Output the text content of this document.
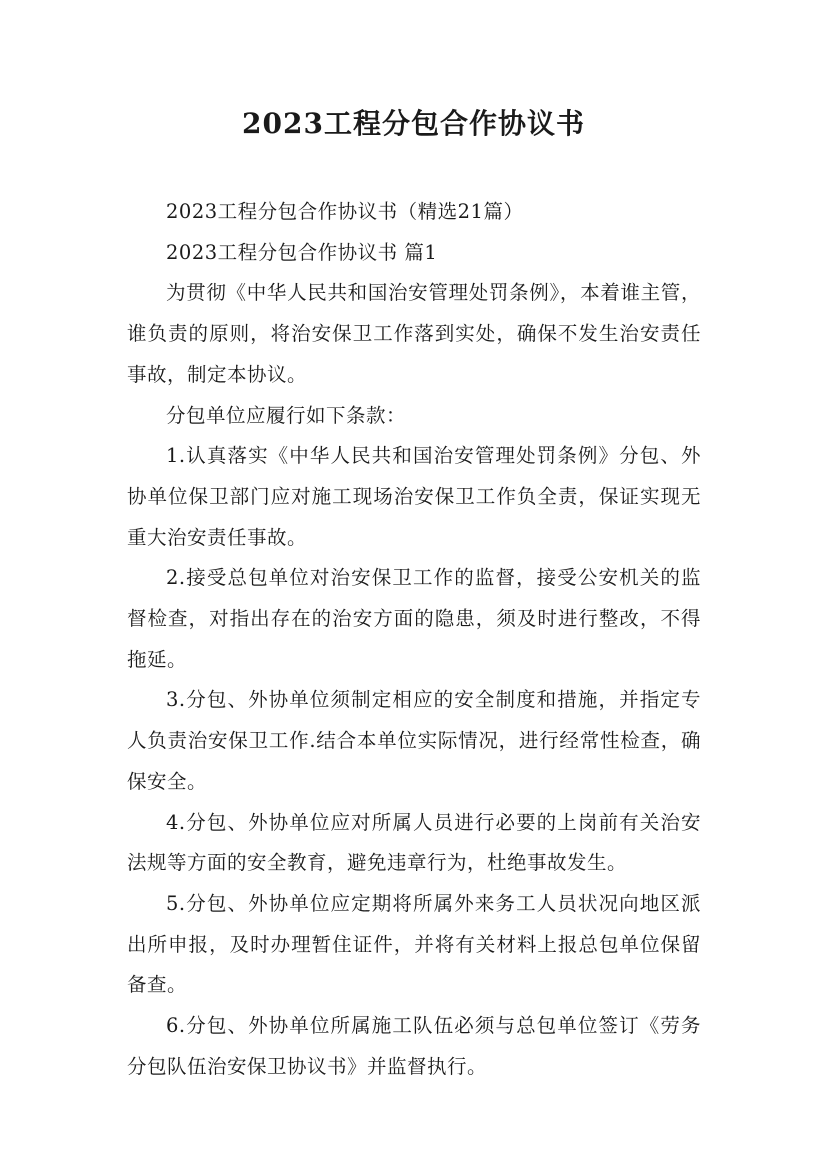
2023工程分包合作协议书

2023工程分包合作协议书（精选21篇）

2023工程分包合作协议书 篇1

为贯彻《中华人民共和国治安管理处罚条例》，本着谁主管，谁负责的原则，将治安保卫工作落到实处，确保不发生治安责任事故，制定本协议。

分包单位应履行如下条款：

1.认真落实《中华人民共和国治安管理处罚条例》分包、外协单位保卫部门应对施工现场治安保卫工作负全责，保证实现无重大治安责任事故。

2.接受总包单位对治安保卫工作的监督，接受公安机关的监督检查，对指出存在的治安方面的隐患，须及时进行整改，不得拖延。

3.分包、外协单位须制定相应的安全制度和措施，并指定专人负责治安保卫工作.结合本单位实际情况，进行经常性检查，确保安全。

4.分包、外协单位应对所属人员进行必要的上岗前有关治安法规等方面的安全教育，避免违章行为，杜绝事故发生。

5.分包、外协单位应定期将所属外来务工人员状况向地区派出所申报，及时办理暂住证件，并将有关材料上报总包单位保留备查。

6.分包、外协单位所属施工队伍必须与总包单位签订《劳务分包队伍治安保卫协议书》并监督执行。
